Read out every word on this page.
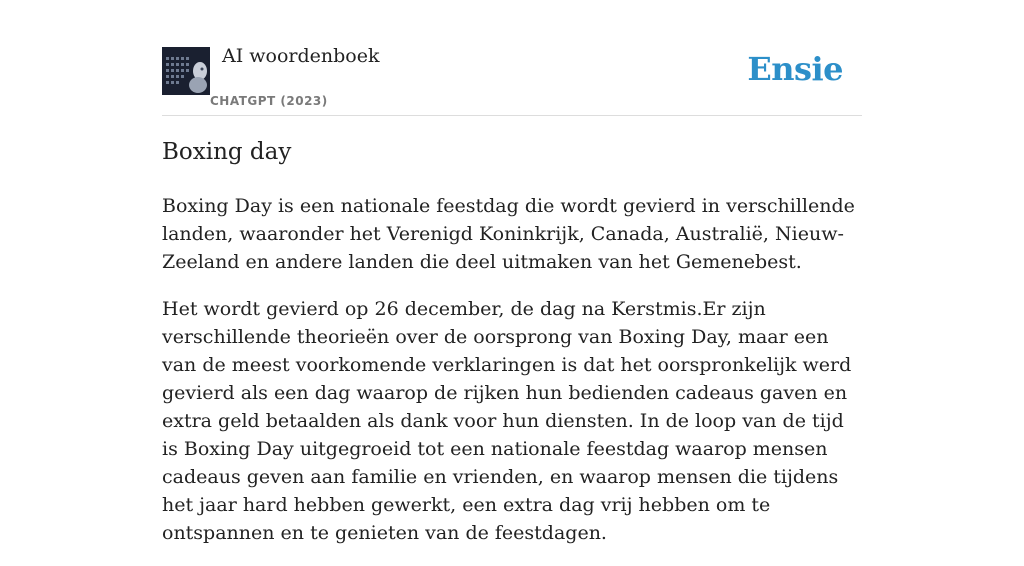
AI woordenboek
CHATGPT (2023)
Ensie
Boxing day

Boxing Day is een nationale feestdag die wordt gevierd in verschillende landen, waaronder het Verenigd Koninkrijk, Canada, Australië, Nieuw-Zeeland en andere landen die deel uitmaken van het Gemenebest.

Het wordt gevierd op 26 december, de dag na Kerstmis.Er zijn verschillende theorieën over de oorsprong van Boxing Day, maar een van de meest voorkomende verklaringen is dat het oorspronkelijk werd gevierd als een dag waarop de rijken hun bedienden cadeaus gaven en extra geld betaalden als dank voor hun diensten. In de loop van de tijd is Boxing Day uitgegroeid tot een nationale feestdag waarop mensen cadeaus geven aan familie en vrienden, en waarop mensen die tijdens het jaar hard hebben gewerkt, een extra dag vrij hebben om te ontspannen en te genieten van de feestdagen.
